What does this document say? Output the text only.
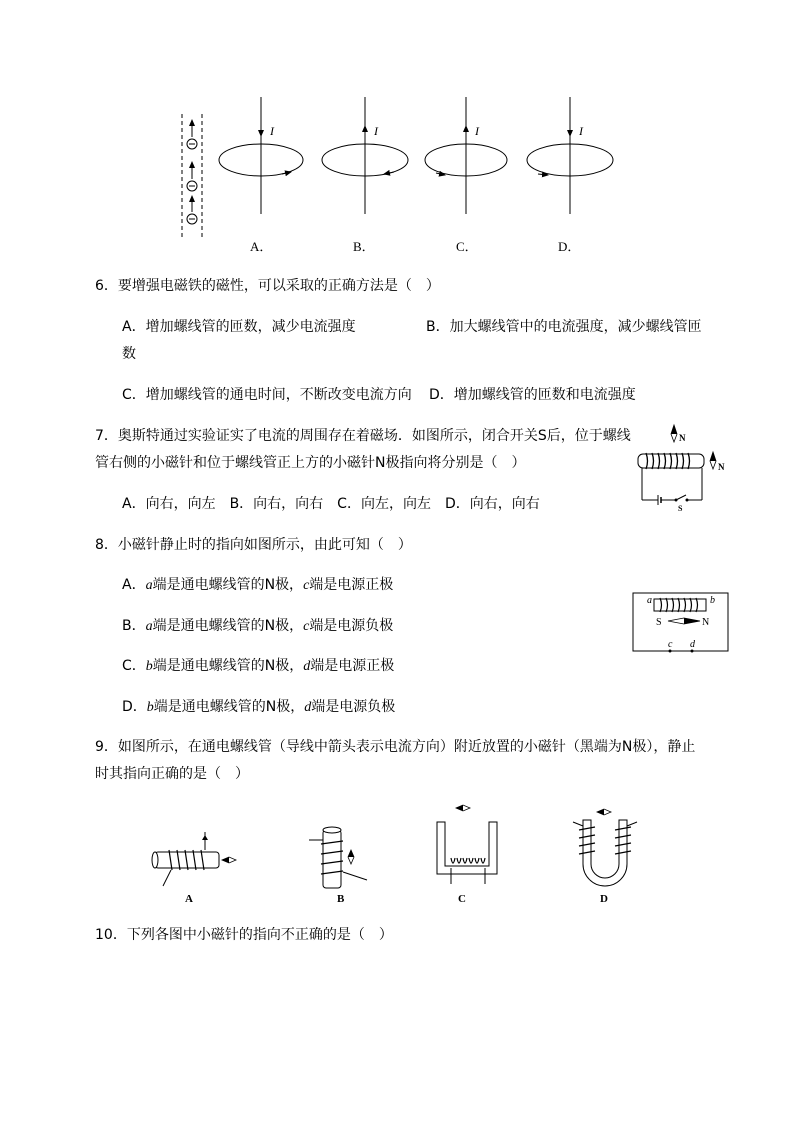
I	I	I	I
A．	B．	C．	D．
6．要增强电磁铁的磁性，可以采取的正确方法是（　）
A．增加螺线管的匝数，减少电流强度	B．加大螺线管中的电流强度，减少螺线管匝
数
C．增加螺线管的通电时间，不断改变电流方向 D．增加螺线管的匝数和电流强度
7．奥斯特通过实验证实了电流的周围存在着磁场．如图所示，闭合开关S后，位于螺线
管右侧的小磁针和位于螺线管正上方的小磁针N极指向将分别是（　）
A．向右，向左　B．向右，向右　C．向左，向左　D．向右，向右
N
N
S
8．小磁针静止时的指向如图所示，由此可知（　）
A．a端是通电螺线管的N极，c端是电源正极
B．a端是通电螺线管的N极，c端是电源负极
C．b端是通电螺线管的N极，d端是电源正极
D．b端是通电螺线管的N极，d端是电源负极
a	b
S	N
c d
9．如图所示，在通电螺线管（导线中箭头表示电流方向）附近放置的小磁针（黑端为N极），静止
时其指向正确的是（　）
A	B	C	D
10．下列各图中小磁针的指向不正确的是（　）
